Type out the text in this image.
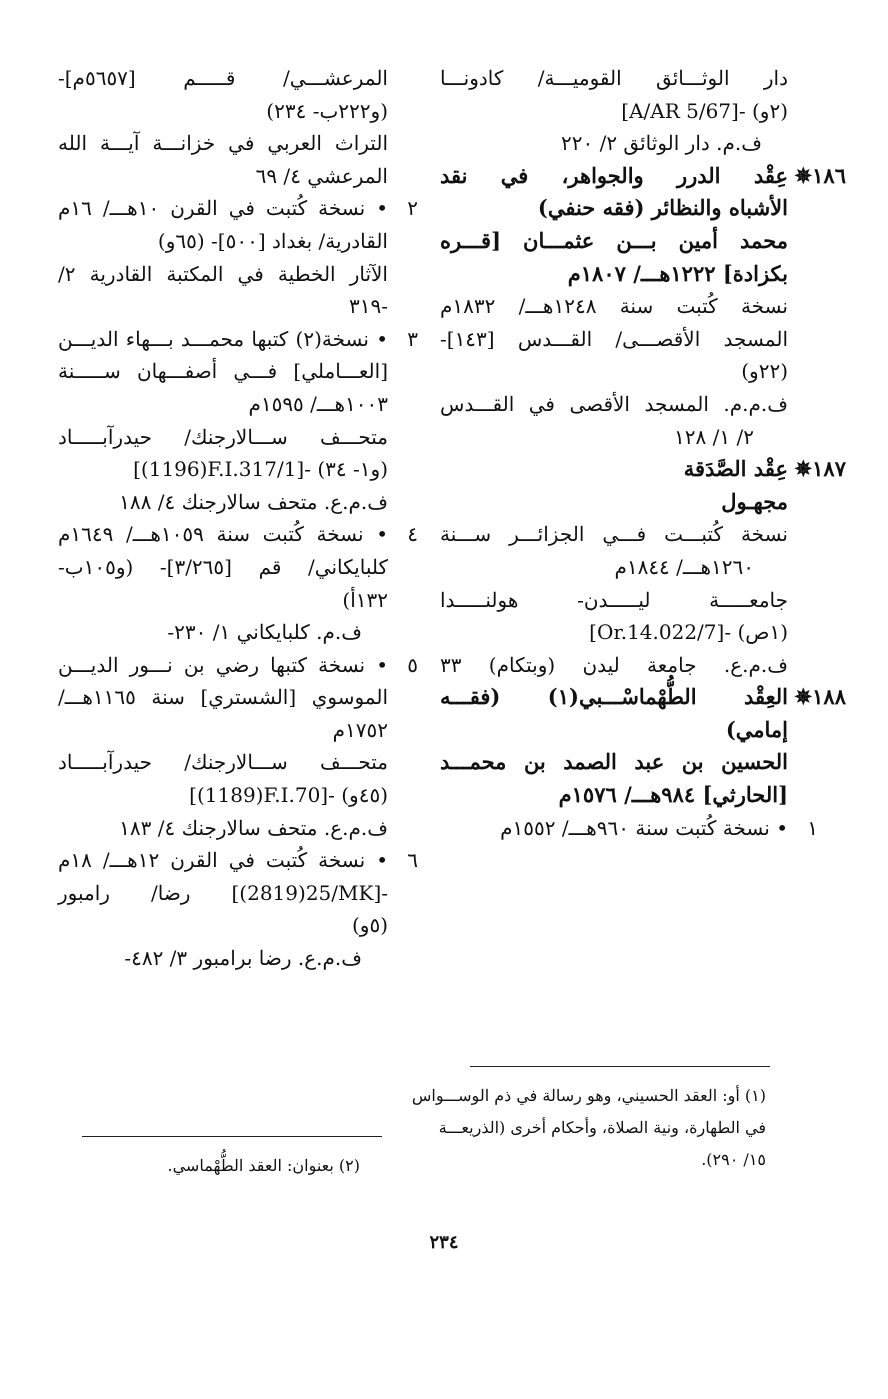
دار الوثـــائق القوميـــة/ كادونـــا
[A/AR 5/67]- (٢و)
ف.م. دار الوثائق ٢/ ٢٢٠
١٨٦✵
عِقْد الدرر والجواهر، في نقد
الأشباه والنظائر (فقه حنفي)
محمد أمين بـــن عثمـــان [قـــره
بكزادة] ١٢٢٢هـــ/ ١٨٠٧م
نسخة كُتبت سنة ١٢٤٨هـــ/ ١٨٣٢م
المسجد الأقصـــى/ القـــدس [١٤٣]-
(٢٢و)
ف.م.م. المسجد الأقصى في القـــدس
٢/ ١/ ١٢٨
١٨٧✵
عِقْد الصَّدَقة
مجهـول
نسخة كُتبـــت فـــي الجزائـــر ســـنة
١٢٦٠هـــ/ ١٨٤٤م
جامعـــــة ليـــــدن- هولنـــــدا
[Or.14.022/7]- (١ص)
ف.م.ع. جامعة ليدن (وبتكام) ٣٣
١٨٨✵
العِقْد الطُّهْماسْـــبي(١) (فقـــه
إمامي)
الحسين بن عبد الصمد بن محمـــد
[الحارثي] ٩٨٤هـــ/ ١٥٧٦م
١
• نسخة كُتبت سنة ٩٦٠هـــ/ ١٥٥٢م
المرعشـــي/ قـــــم [٥٦٥٧م]-
(و٢٢٢ب- ٢٣٤)
التراث العربي في خزانـــة آيـــة الله
المرعشي ٤/ ٦٩
٢
• نسخة كُتبت في القرن ١٠هـــ/ ١٦م
القادرية/ بغداد [٥٠٠]- (٦٥و)
الآثار الخطية في المكتبة القادرية ٢/
-٣١٩
٣
• نسخة(٢) كتبها محمـــد بـــهاء الديـــن
[العـــاملي] فـــي أصفـــهان ســـــنة
١٠٠٣هـــ/ ١٥٩٥م
متحـــف ســـالارجنك/ حيدرآبـــــاد
[(1196)F.I.317/1]- (و١- ٣٤)
ف.م.ع. متحف سالارجنك ٤/ ١٨٨
٤
• نسخة كُتبت سنة ١٠٥٩هـــ/ ١٦٤٩م
كلبايكاني/ قم [٣/٢٦٥]- (و١٠٥ب-
١٣٢أ)
ف.م. كلبايكاني ١/ ٢٣٠-
٥
• نسخة كتبها رضي بن نـــور الديـــن
الموسوي [الشستري] سنة ١١٦٥هـــ/
١٧٥٢م
متحـــف ســـالارجنك/ حيدرآبـــــاد
[(1189)F.I.70]- (٤٥و)
ف.م.ع. متحف سالارجنك ٤/ ١٨٣
٦
• نسخة كُتبت في القرن ١٢هـــ/ ١٨م
رضا/ رامبور [(2819)25/MK]-
(٥و)
ف.م.ع. رضا برامبور ٣/ ٤٨٢-
(١) أو: العقد الحسيني، وهو رسالة في ذم الوســـواس
في الطهارة، ونية الصلاة، وأحكام أخرى (الذريعـــة
١٥/ ٢٩٠).
(٢) بعنوان: العقد الطُّهْماسي.
٢٣٤
